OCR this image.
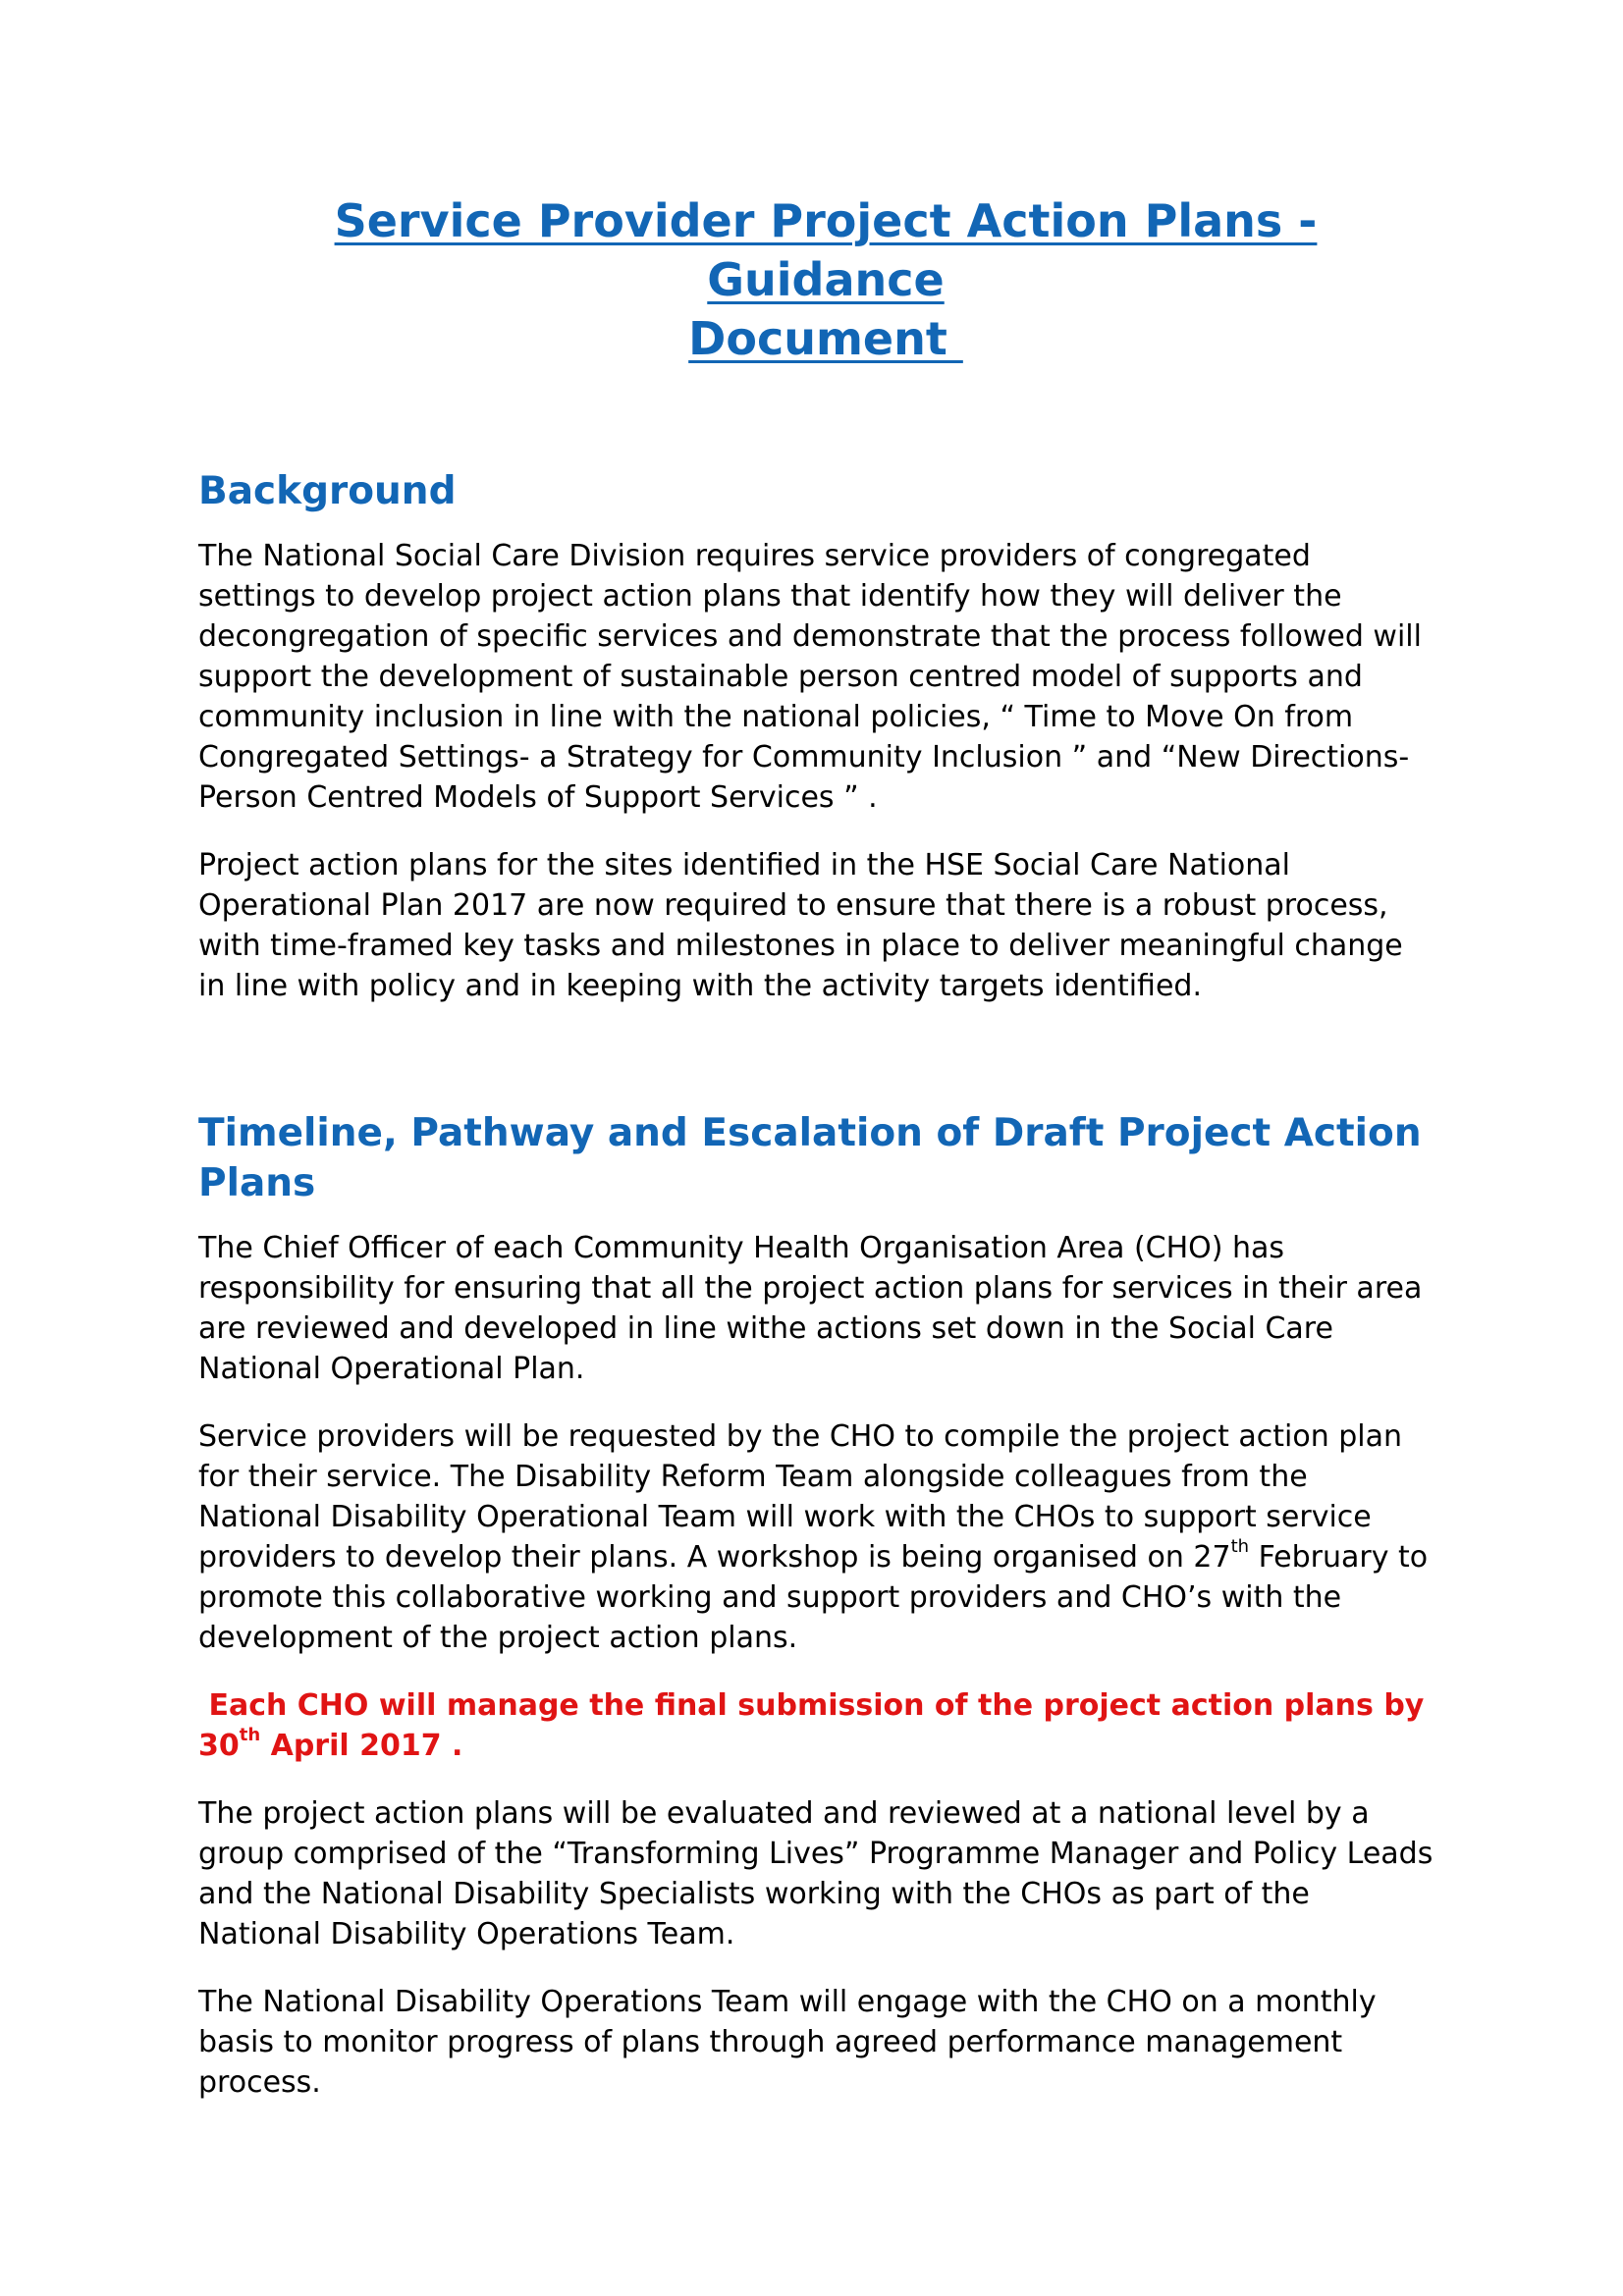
Service Provider Project Action Plans - Guidance
Document
Background

The National Social Care Division requires service providers of congregated settings to develop project action plans that identify how they will deliver the decongregation of specific services and demonstrate that the process followed will support the development of sustainable person centred model of supports and community inclusion in line with the national policies, “ Time to Move On from Congregated Settings- a Strategy for Community Inclusion ” and “New Directions- Person Centred Models of Support Services ” .

Project action plans for the sites identified in the HSE Social Care National Operational Plan 2017 are now required to ensure that there is a robust process, with time-framed key tasks and milestones in place to deliver meaningful change in line with policy and in keeping with the activity targets identified.

Timeline, Pathway and Escalation of Draft Project Action Plans

The Chief Officer of each Community Health Organisation Area (CHO) has responsibility for ensuring that all the project action plans for services in their area are reviewed and developed in line withe actions set down in the Social Care National Operational Plan.

Service providers will be requested by the CHO to compile the project action plan for their service. The Disability Reform Team alongside colleagues from the National Disability Operational Team will work with the CHOs to support service providers to develop their plans. A workshop is being organised on 27th February to promote this collaborative working and support providers and CHO’s with the development of the project action plans.

Each CHO will manage the final submission of the project action plans by 30th April 2017 .

The project action plans will be evaluated and reviewed at a national level by a group comprised of the “Transforming Lives” Programme Manager and Policy Leads and the National Disability Specialists working with the CHOs as part of the National Disability Operations Team.

The National Disability Operations Team will engage with the CHO on a monthly basis to monitor progress of plans through agreed performance management process.
